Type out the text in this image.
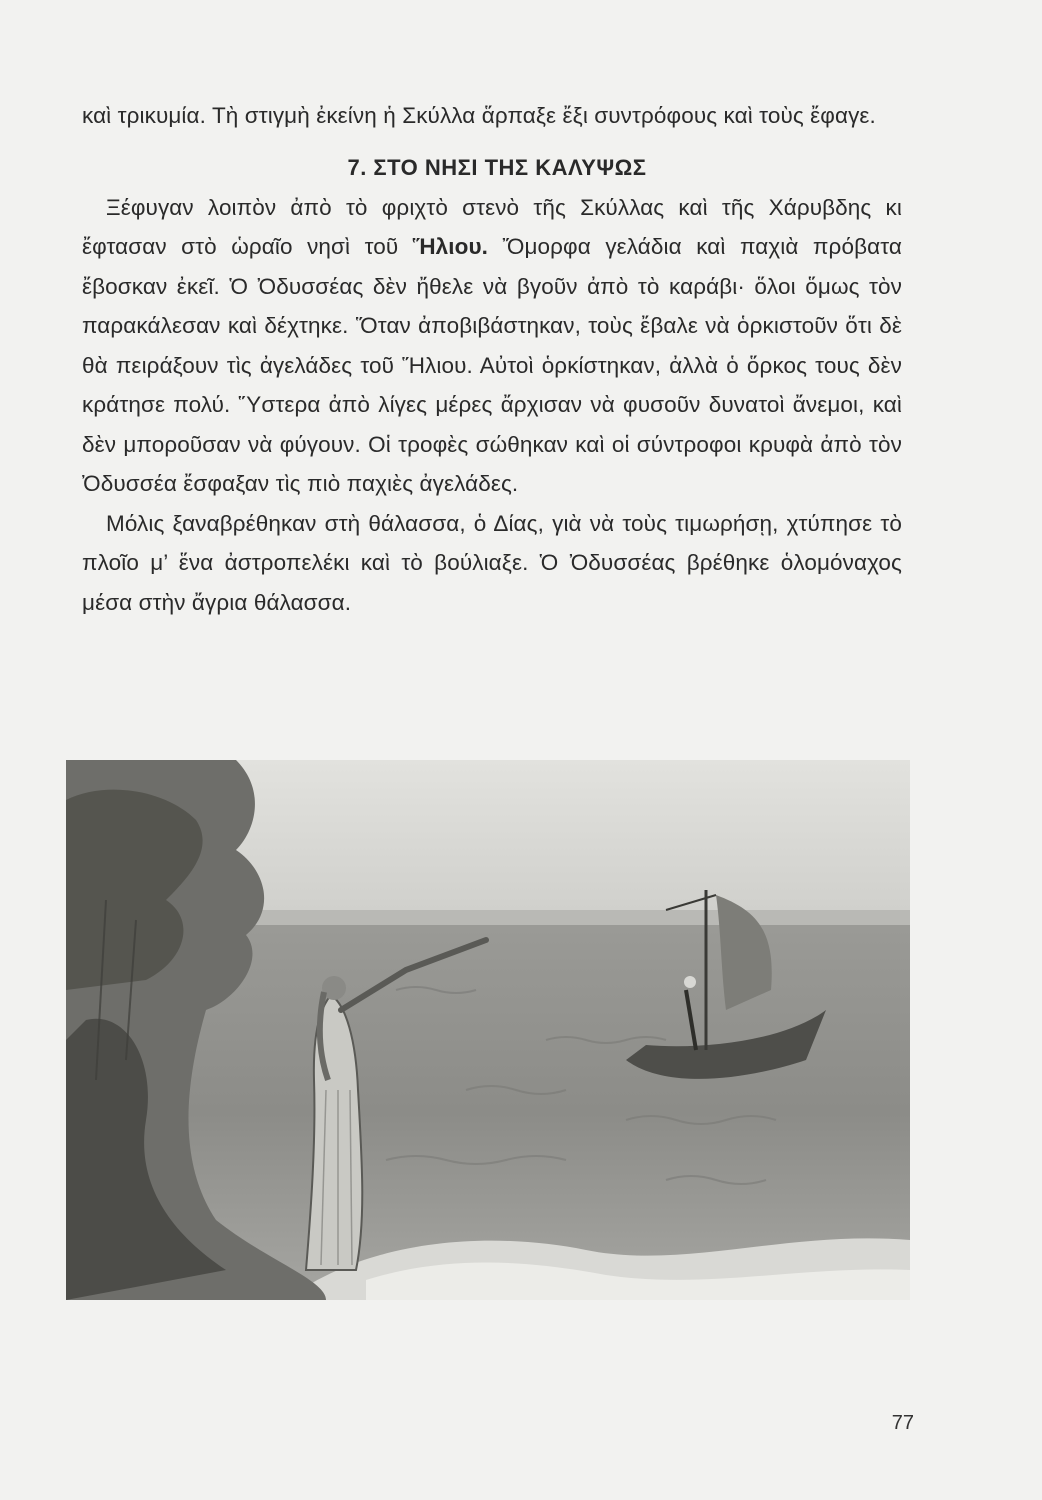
καὶ τρικυμία. Τὴ στιγμὴ ἐκείνη ἡ Σκύλλα ἅρπαξε ἔξι συντρόφους καὶ τοὺς ἔφαγε.

7. ΣΤΟ ΝΗΣΙ ΤΗΣ ΚΑΛΥΨΩΣ

Ξέφυγαν λοιπὸν ἀπὸ τὸ φριχτὸ στενὸ τῆς Σκύλλας καὶ τῆς Χάρυβδης κι ἔφτασαν στὸ ὡραῖο νησὶ τοῦ Ἥλιου. Ὄμορφα γελάδια καὶ παχιὰ πρόβατα ἔβοσκαν ἐκεῖ. Ὁ Ὀδυσσέας δὲν ἤθελε νὰ βγοῦν ἀπὸ τὸ καράβι· ὅλοι ὅμως τὸν παρακάλεσαν καὶ δέχτηκε. Ὅταν ἀποβιβάστηκαν, τοὺς ἔβαλε νὰ ὁρκιστοῦν ὅτι δὲ θὰ πειράξουν τὶς ἀγελάδες τοῦ Ἥλιου. Αὐτοὶ ὁρκίστηκαν, ἀλλὰ ὁ ὅρκος τους δὲν κράτησε πολύ. Ὕστερα ἀπὸ λίγες μέρες ἄρχισαν νὰ φυσοῦν δυνατοὶ ἄνεμοι, καὶ δὲν μποροῦσαν νὰ φύγουν. Οἱ τροφὲς σώθηκαν καὶ οἱ σύντροφοι κρυφὰ ἀπὸ τὸν Ὀδυσσέα ἔσφαξαν τὶς πιὸ παχιὲς ἀγελάδες.

Μόλις ξαναβρέθηκαν στὴ θάλασσα, ὁ Δίας, γιὰ νὰ τοὺς τιμωρήσῃ, χτύπησε τὸ πλοῖο μ’ ἕνα ἀστροπελέκι καὶ τὸ βούλιαξε. Ὁ Ὀδυσσέας βρέθηκε ὁλομόναχος μέσα στὴν ἄγρια θάλασσα.

77
